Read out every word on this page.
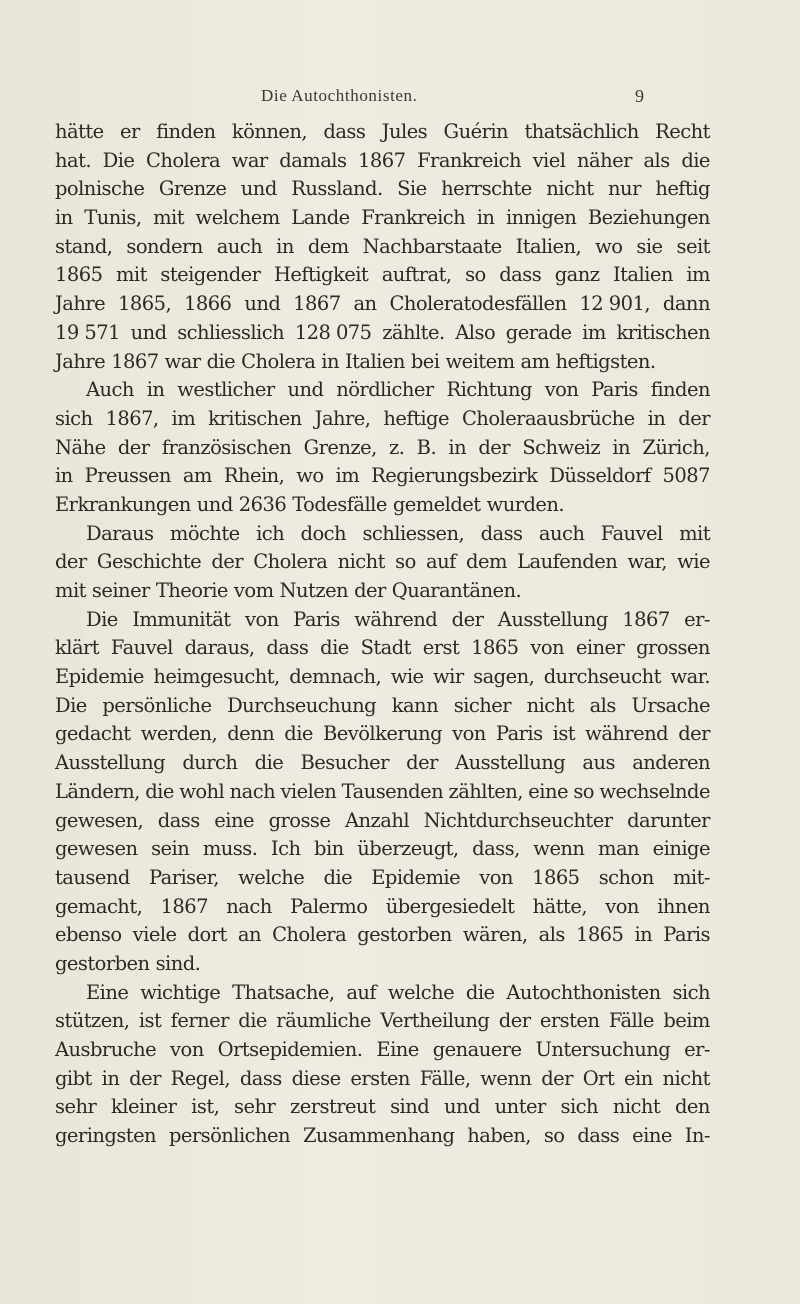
Die Autochthonisten.	9
hätte er finden können, dass Jules Guérin thatsächlich Recht
hat. Die Cholera war damals 1867 Frankreich viel näher als die
polnische Grenze und Russland. Sie herrschte nicht nur heftig
in Tunis, mit welchem Lande Frankreich in innigen Beziehungen
stand, sondern auch in dem Nachbarstaate Italien, wo sie seit
1865 mit steigender Heftigkeit auftrat, so dass ganz Italien im
Jahre 1865, 1866 und 1867 an Choleratodesfällen 12 901, dann
19 571 und schliesslich 128 075 zählte. Also gerade im kritischen
Jahre 1867 war die Cholera in Italien bei weitem am heftigsten.
Auch in westlicher und nördlicher Richtung von Paris finden
sich 1867, im kritischen Jahre, heftige Choleraausbrüche in der
Nähe der französischen Grenze, z. B. in der Schweiz in Zürich,
in Preussen am Rhein, wo im Regierungsbezirk Düsseldorf 5087
Erkrankungen und 2636 Todesfälle gemeldet wurden.
Daraus möchte ich doch schliessen, dass auch Fauvel mit
der Geschichte der Cholera nicht so auf dem Laufenden war, wie
mit seiner Theorie vom Nutzen der Quarantänen.
Die Immunität von Paris während der Ausstellung 1867 er-
klärt Fauvel daraus, dass die Stadt erst 1865 von einer grossen
Epidemie heimgesucht, demnach, wie wir sagen, durchseucht war.
Die persönliche Durchseuchung kann sicher nicht als Ursache
gedacht werden, denn die Bevölkerung von Paris ist während der
Ausstellung durch die Besucher der Ausstellung aus anderen
Ländern, die wohl nach vielen Tausenden zählten, eine so wechselnde
gewesen, dass eine grosse Anzahl Nichtdurchseuchter darunter
gewesen sein muss. Ich bin überzeugt, dass, wenn man einige
tausend Pariser, welche die Epidemie von 1865 schon mit-
gemacht, 1867 nach Palermo übergesiedelt hätte, von ihnen
ebenso viele dort an Cholera gestorben wären, als 1865 in Paris
gestorben sind.
Eine wichtige Thatsache, auf welche die Autochthonisten sich
stützen, ist ferner die räumliche Vertheilung der ersten Fälle beim
Ausbruche von Ortsepidemien. Eine genauere Untersuchung er-
gibt in der Regel, dass diese ersten Fälle, wenn der Ort ein nicht
sehr kleiner ist, sehr zerstreut sind und unter sich nicht den
geringsten persönlichen Zusammenhang haben, so dass eine In-
